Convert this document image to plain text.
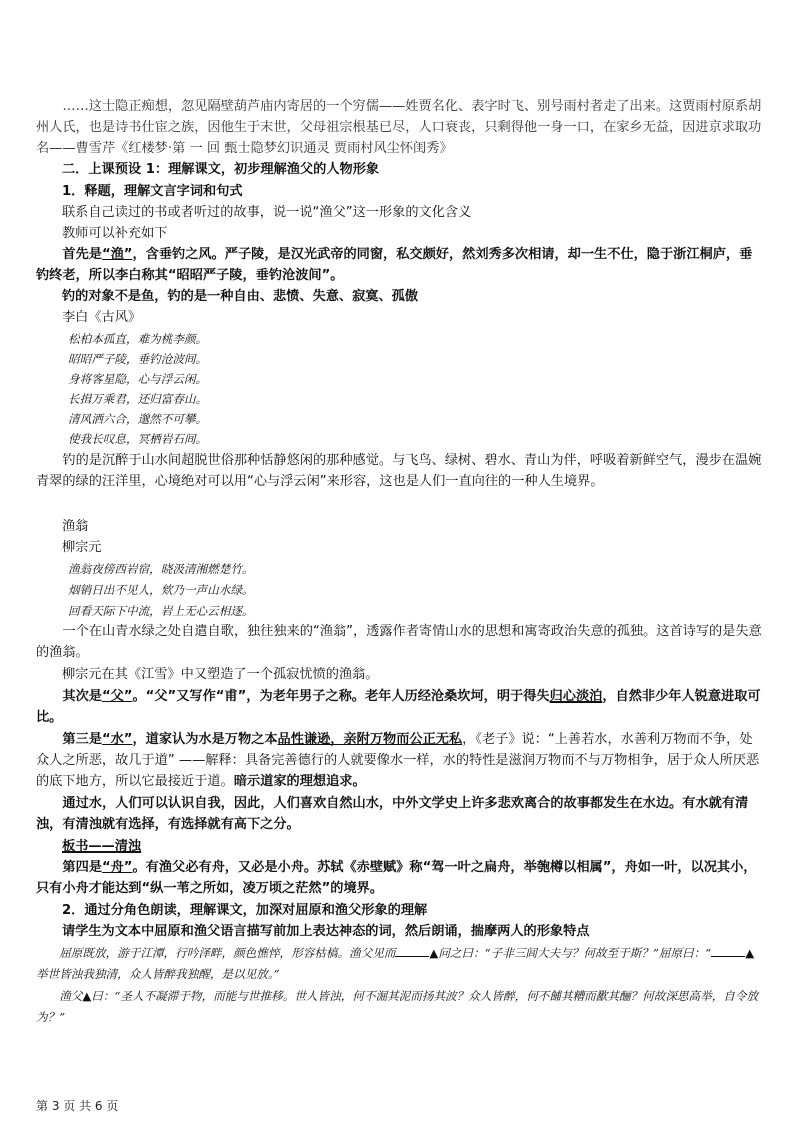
……这士隐正痴想，忽见隔壁葫芦庙内寄居的一个穷儒——姓贾名化、表字时飞、别号雨村者走了出来。这贾雨村原系胡州人氏，也是诗书仕宦之族，因他生于末世，父母祖宗根基已尽，人口衰丧，只剩得他一身一口，在家乡无益，因进京求取功名——曹雪芹《红楼梦·第 一 回 甄士隐梦幻识通灵 贾雨村风尘怀闺秀》

二．上课预设 1：理解课文，初步理解渔父的人物形象

1．释题，理解文言字词和句式

联系自己读过的书或者听过的故事，说一说“渔父”这一形象的文化含义

教师可以补充如下

首先是“渔”，含垂钓之风。严子陵，是汉光武帝的同窗，私交颇好，然刘秀多次相请，却一生不仕，隐于浙江桐庐，垂钓终老，所以李白称其“昭昭严子陵，垂钓沧波间”。

钓的对象不是鱼，钓的是一种自由、悲愤、失意、寂寞、孤傲

李白《古风》

松柏本孤直，难为桃李颜。

昭昭严子陵，垂钓沧波间。

身将客星隐，心与浮云闲。

长揖万乘君，还归富春山。

清风洒六合，邈然不可攀。

使我长叹息，冥栖岩石间。

钓的是沉醉于山水间超脱世俗那种恬静悠闲的那种感觉。与飞鸟、绿树、碧水、青山为伴，呼吸着新鲜空气，漫步在温婉青翠的绿的汪洋里，心境绝对可以用“心与浮云闲”来形容，这也是人们一直向往的一种人生境界。

渔翁

柳宗元

渔翁夜傍西岩宿，晓汲清湘燃楚竹。

烟销日出不见人，欸乃一声山水绿。

回看天际下中流，岩上无心云相逐。

一个在山青水绿之处自遣自歌，独往独来的“渔翁”，透露作者寄情山水的思想和寓寄政治失意的孤独。这首诗写的是失意的渔翁。

柳宗元在其《江雪》中又塑造了一个孤寂忧愤的渔翁。

其次是“父”。“父”又写作“甫”，为老年男子之称。老年人历经沧桑坎坷，明于得失归心淡泊，自然非少年人锐意进取可比。

第三是“水”，道家认为水是万物之本品性谦逊，亲附万物而公正无私，《老子》说：“上善若水，水善利万物而不争，处众人之所恶，故几于道” ——解释：具备完善德行的人就要像水一样，水的特性是滋润万物而不与万物相争，居于众人所厌恶的底下地方，所以它最接近于道。暗示道家的理想追求。

通过水，人们可以认识自我，因此，人们喜欢自然山水，中外文学史上许多悲欢离合的故事都发生在水边。有水就有清浊，有清浊就有选择，有选择就有高下之分。

板书——清浊

第四是“舟”。有渔父必有舟，又必是小舟。苏轼《赤壁赋》称“驾一叶之扁舟，举匏樽以相属”，舟如一叶，以况其小，只有小舟才能达到“纵一苇之所如，凌万顷之茫然”的境界。

2．通过分角色朗读，理解课文，加深对屈原和渔父形象的理解

请学生为文本中屈原和渔父语言描写前加上表达神态的词，然后朗诵，揣摩两人的形象特点

屈原既放，游于江潭，行吟泽畔，颜色憔悴，形容枯槁。渔父见而	▲问之曰：“子非三闾大夫与？何故至于斯？”屈原曰：“	▲举世皆浊我独清，众人皆醉我独醒，是以见放。”

渔父▲曰：“圣人不凝滞于物，而能与世推移。世人皆浊，何不淈其泥而扬其波？众人皆醉，何不餔其糟而歠其酾？何故深思高举，自令放为？”

第 3 页 共 6 页
